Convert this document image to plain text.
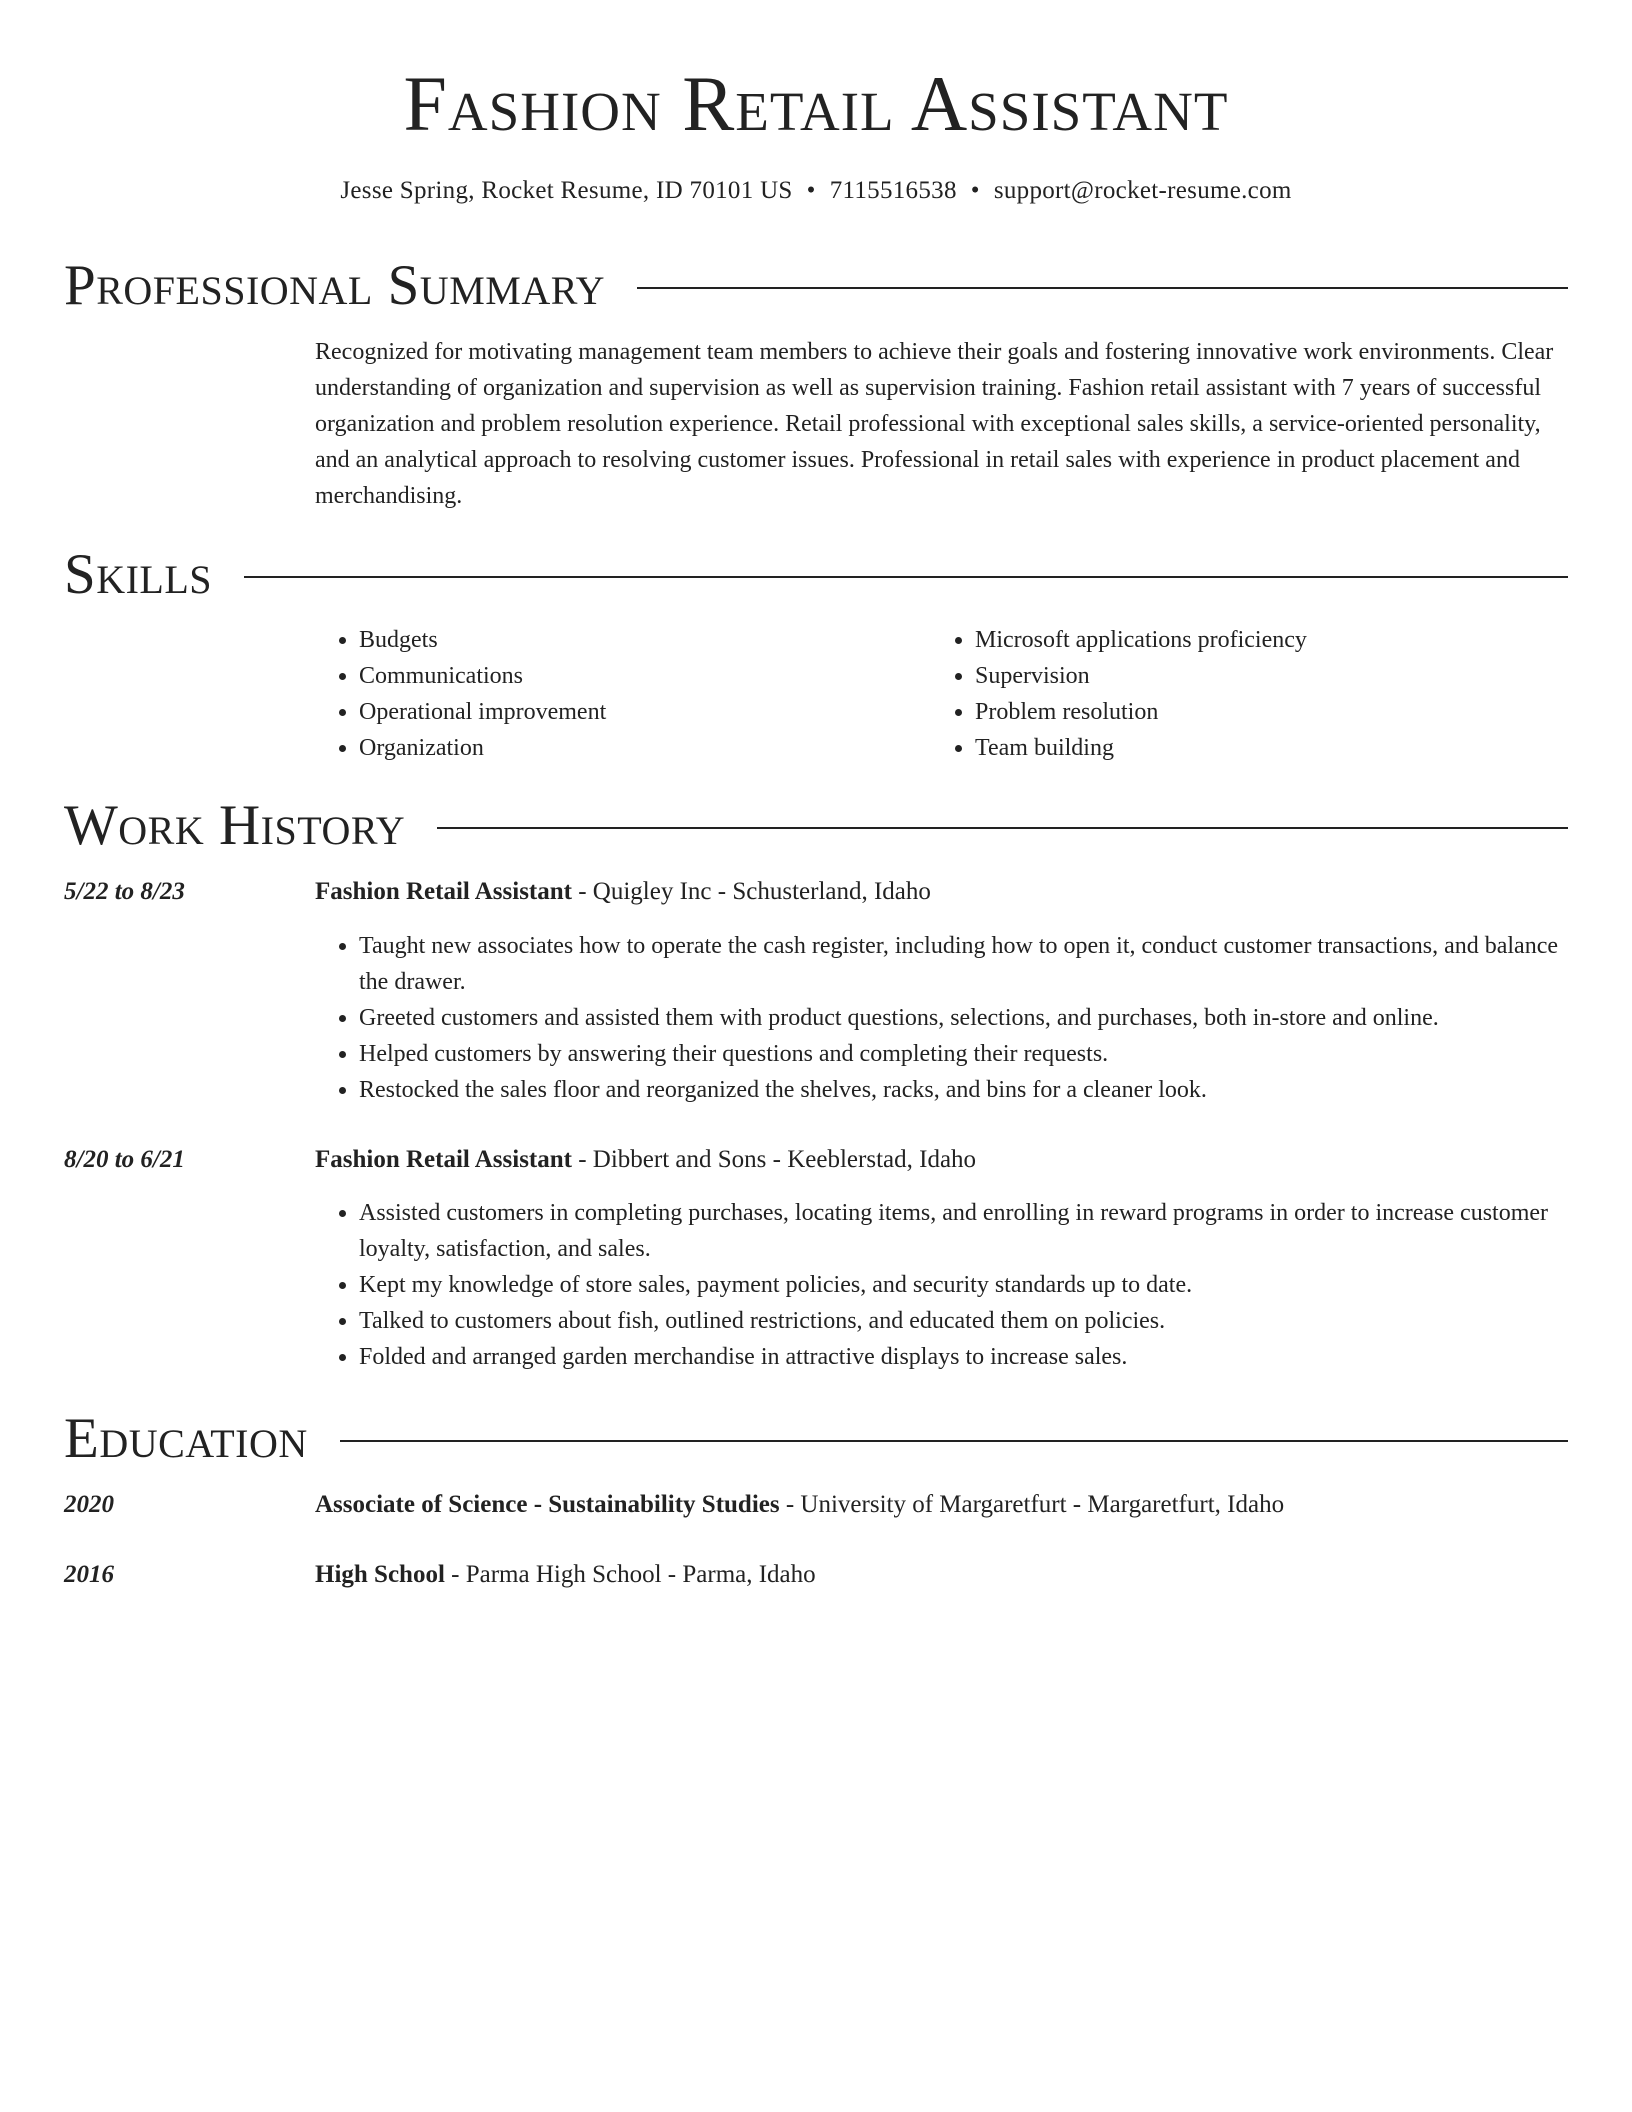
Fashion Retail Assistant
Jesse Spring, Rocket Resume, ID 70101 US • 7115516538 • support@rocket-resume.com
Professional Summary

Recognized for motivating management team members to achieve their goals and fostering innovative work environments. Clear understanding of organization and supervision as well as supervision training. Fashion retail assistant with 7 years of successful organization and problem resolution experience. Retail professional with exceptional sales skills, a service-oriented personality, and an analytical approach to resolving customer issues. Professional in retail sales with experience in product placement and merchandising.

Skills
• Budgets
• Communications
• Operational improvement
• Organization
• Microsoft applications proficiency
• Supervision
• Problem resolution
• Team building
Work History
5/22 to 8/23	Fashion Retail Assistant - Quigley Inc - Schusterland, Idaho
• Taught new associates how to operate the cash register, including how to open it, conduct customer transactions, and balance the drawer.
• Greeted customers and assisted them with product questions, selections, and purchases, both in-store and online.
• Helped customers by answering their questions and completing their requests.
• Restocked the sales floor and reorganized the shelves, racks, and bins for a cleaner look.
8/20 to 6/21	Fashion Retail Assistant - Dibbert and Sons - Keeblerstad, Idaho
• Assisted customers in completing purchases, locating items, and enrolling in reward programs in order to increase customer loyalty, satisfaction, and sales.
• Kept my knowledge of store sales, payment policies, and security standards up to date.
• Talked to customers about fish, outlined restrictions, and educated them on policies.
• Folded and arranged garden merchandise in attractive displays to increase sales.
Education
2020	Associate of Science - Sustainability Studies - University of Margaretfurt - Margaretfurt, Idaho
2016	High School - Parma High School - Parma, Idaho
